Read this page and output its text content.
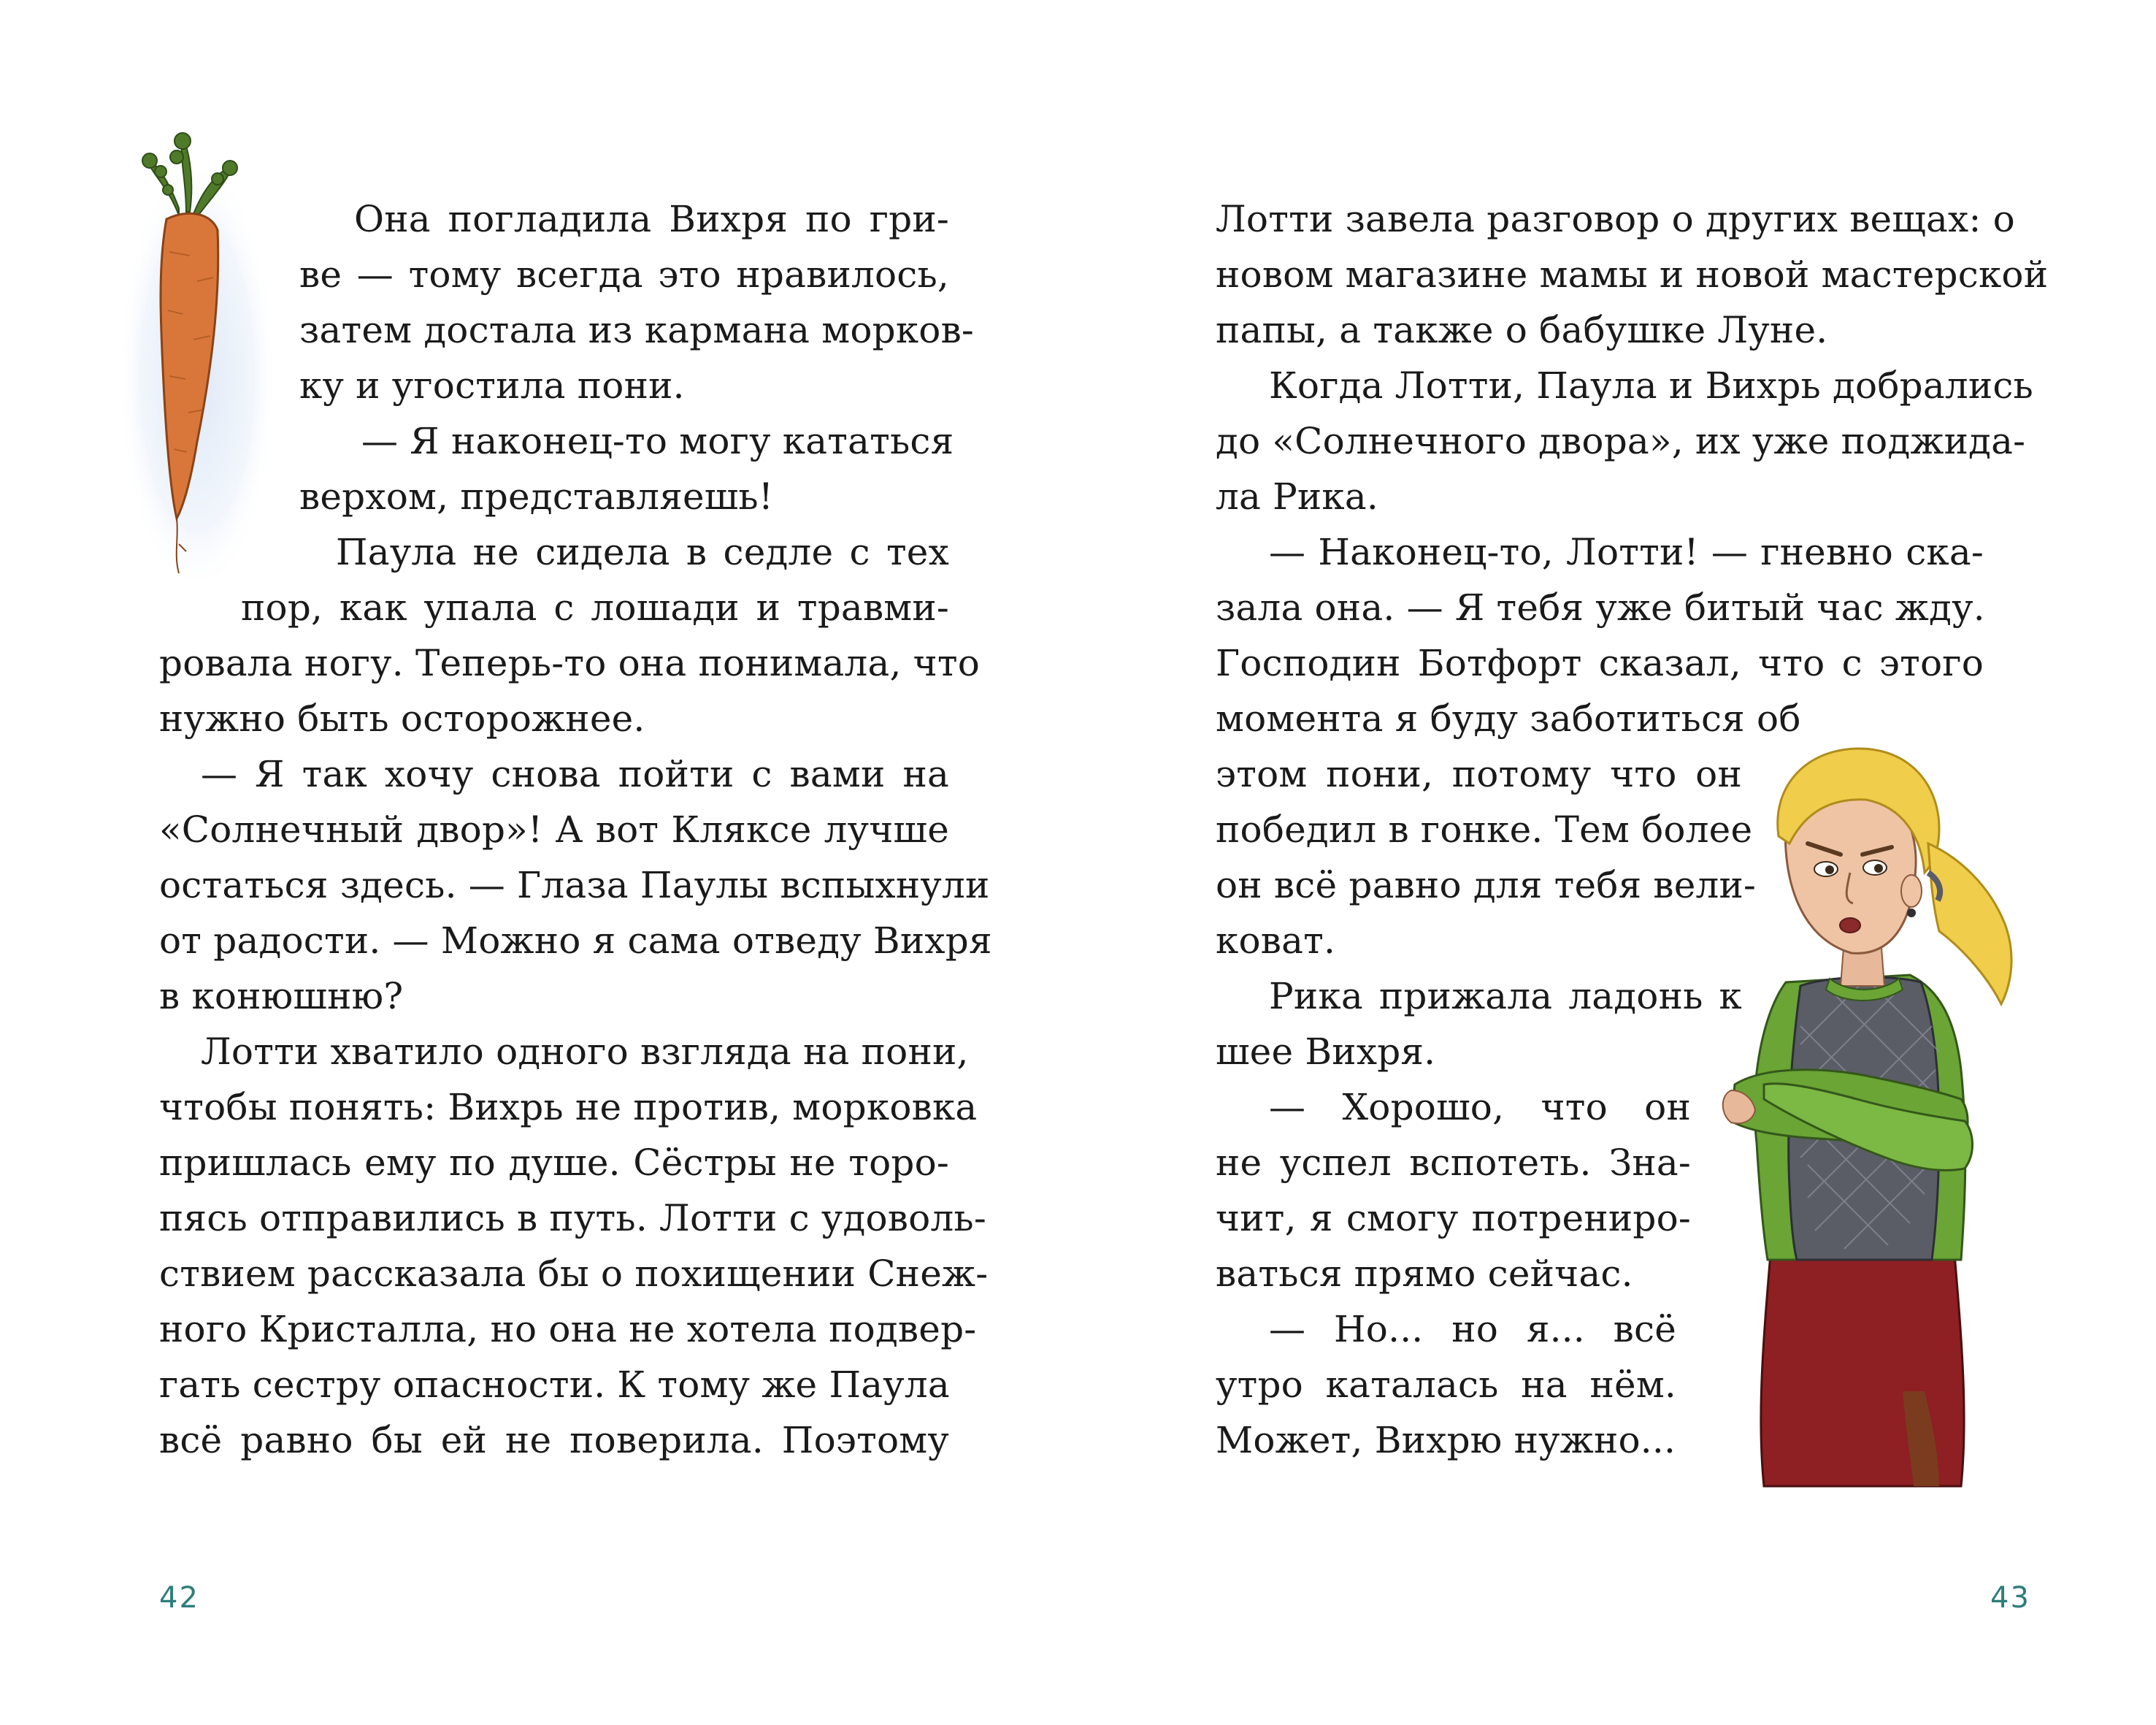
Она погладила Вихря по гри-
ве — тому всегда это нравилось,
затем достала из кармана морков-
ку и угостила пони.
— Я наконец-то могу кататься
верхом, представляешь!
Паула не сидела в седле с тех
пор, как упала с лошади и травми-
ровала ногу. Теперь-то она понимала, что
нужно быть осторожнее.
— Я так хочу снова пойти с вами на
«Солнечный двор»! А вот Кляксе лучше
остаться здесь. — Глаза Паулы вспыхнули
от радости. — Можно я сама отведу Вихря
в конюшню?
Лотти хватило одного взгляда на пони,
чтобы понять: Вихрь не против, морковка
пришлась ему по душе. Сёстры не торо-
пясь отправились в путь. Лотти с удоволь-
ствием рассказала бы о похищении Снеж-
ного Кристалла, но она не хотела подвер-
гать сестру опасности. К тому же Паула
всё равно бы ей не поверила. Поэтому
42
Лотти завела разговор о других вещах: о
новом магазине мамы и новой мастерской
папы, а также о бабушке Луне.
Когда Лотти, Паула и Вихрь добрались
до «Солнечного двора», их уже поджида-
ла Рика.
— Наконец-то, Лотти! — гневно ска-
зала она. — Я тебя уже битый час жду.
Господин Ботфорт сказал, что с этого
момента я буду заботиться об
этом пони, потому что он
победил в гонке. Тем более
он всё равно для тебя вели-
коват.
Рика прижала ладонь к
шее Вихря.
— Хорошо, что он
не успел вспотеть. Зна-
чит, я смогу потрениро-
ваться прямо сейчас.
— Но... но я... всё
утро каталась на нём.
Может, Вихрю нужно...
43
